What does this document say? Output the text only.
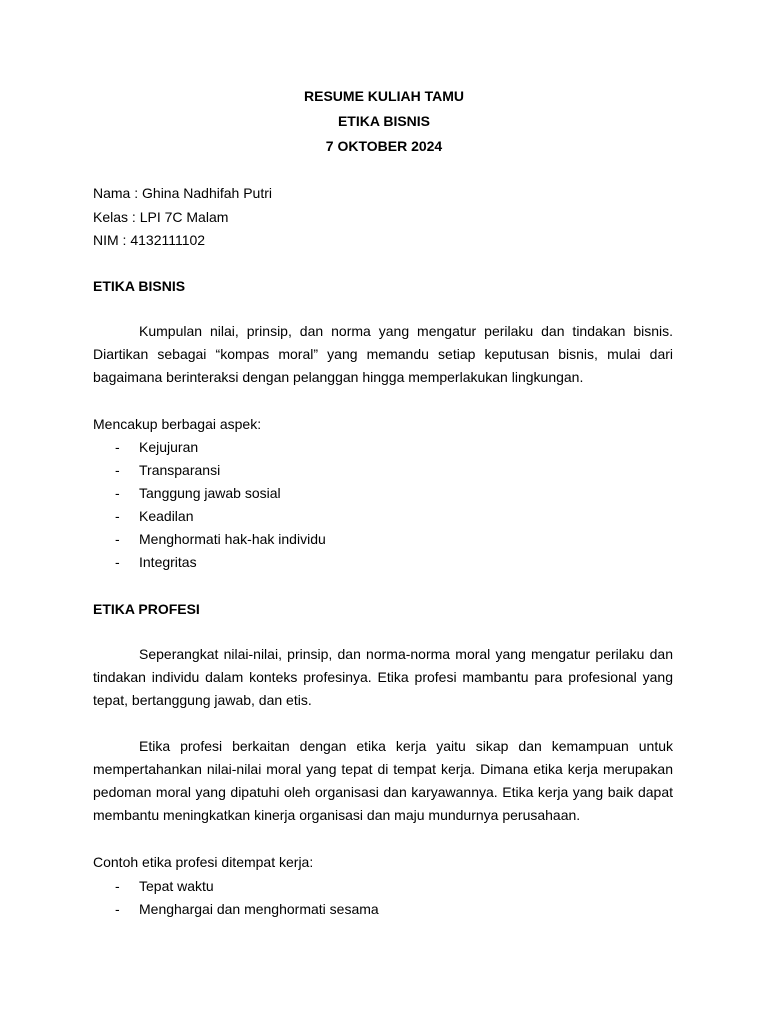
RESUME KULIAH TAMU
ETIKA BISNIS
7 OKTOBER 2024
Nama : Ghina Nadhifah Putri
Kelas : LPI 7C Malam
NIM : 4132111102
ETIKA BISNIS

Kumpulan nilai, prinsip, dan norma yang mengatur perilaku dan tindakan bisnis. Diartikan sebagai “kompas moral” yang memandu setiap keputusan bisnis, mulai dari bagaimana berinteraksi dengan pelanggan hingga memperlakukan lingkungan.

Mencakup berbagai aspek:
- Kejujuran
- Transparansi
- Tanggung jawab sosial
- Keadilan
- Menghormati hak-hak individu
- Integritas
ETIKA PROFESI

Seperangkat nilai-nilai, prinsip, dan norma-norma moral yang mengatur perilaku dan tindakan individu dalam konteks profesinya. Etika profesi mambantu para profesional yang tepat, bertanggung jawab, dan etis.

Etika profesi berkaitan dengan etika kerja yaitu sikap dan kemampuan untuk mempertahankan nilai-nilai moral yang tepat di tempat kerja. Dimana etika kerja merupakan pedoman moral yang dipatuhi oleh organisasi dan karyawannya. Etika kerja yang baik dapat membantu meningkatkan kinerja organisasi dan maju mundurnya perusahaan.

Contoh etika profesi ditempat kerja:
- Tepat waktu
- Menghargai dan menghormati sesama
